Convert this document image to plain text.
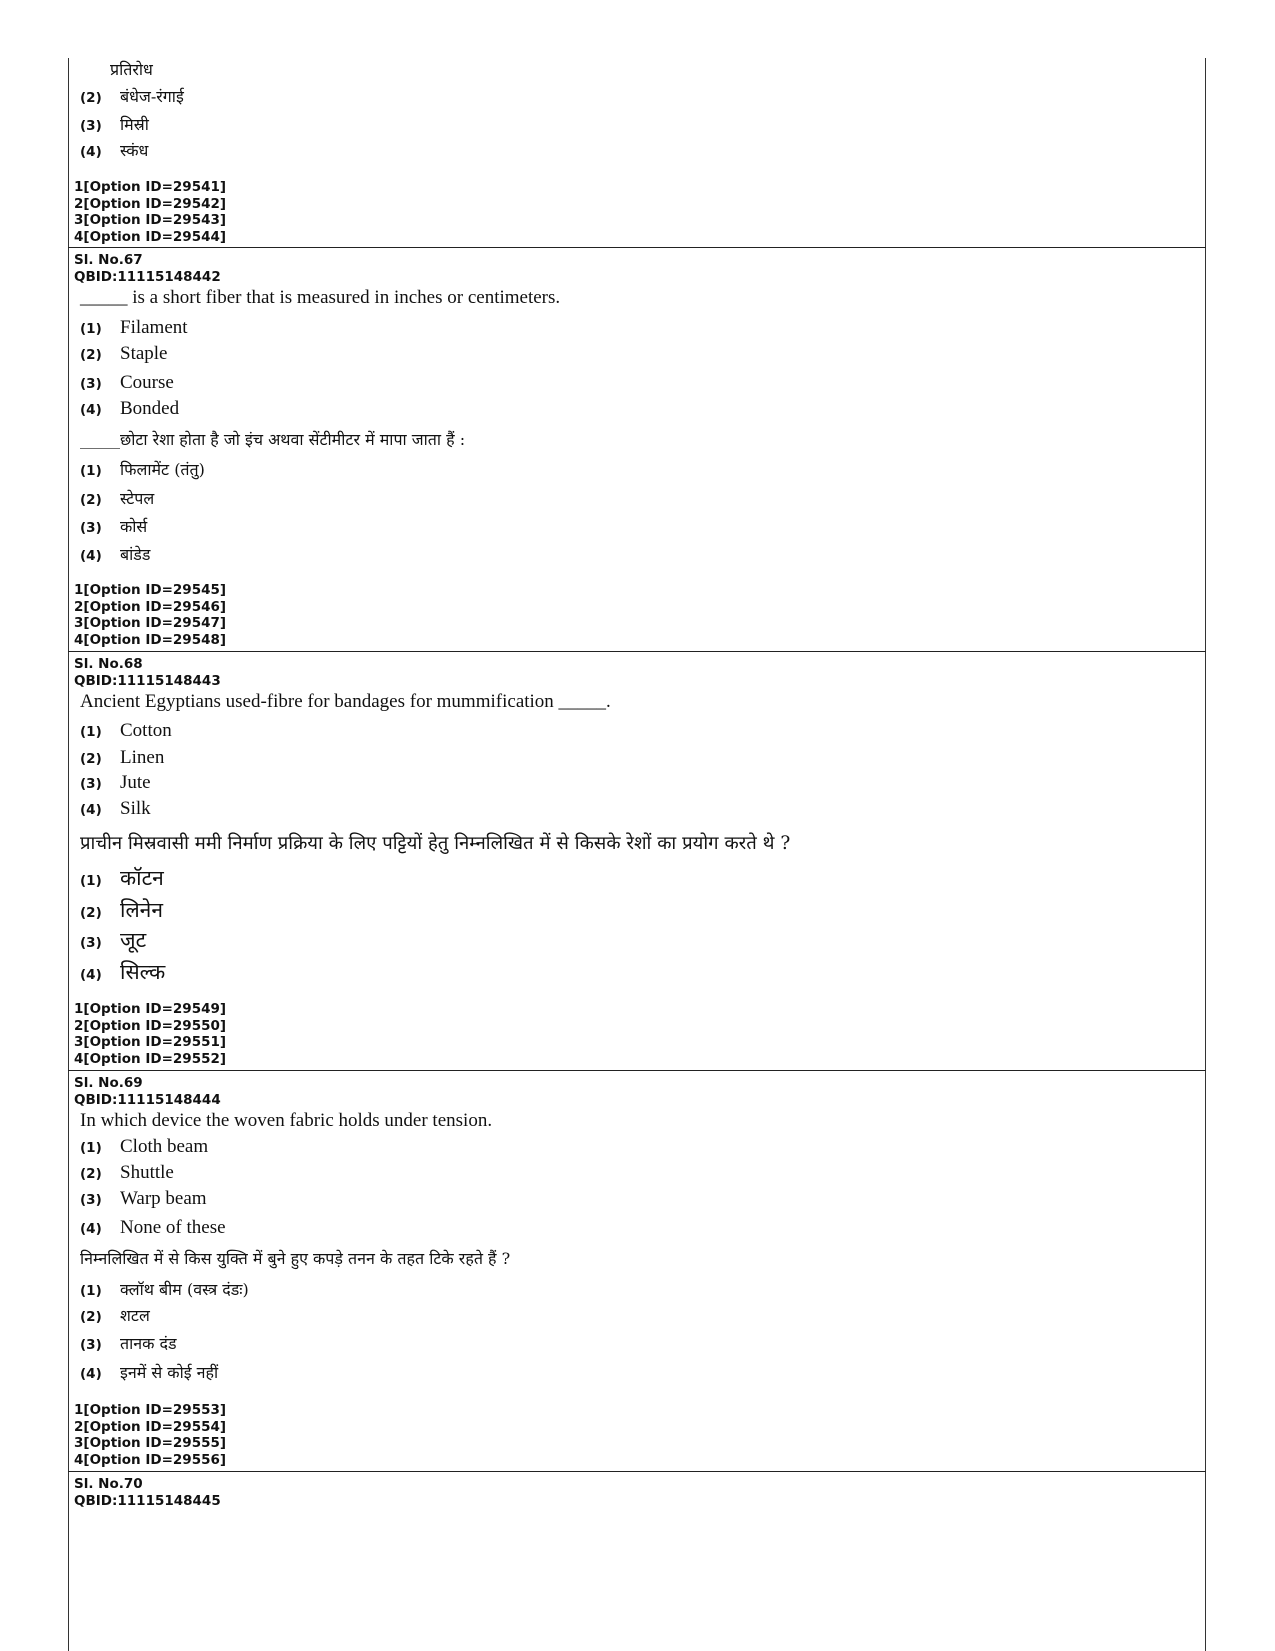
प्रतिरोध
(2)	बंधेज-रंगाई
(3)	मिस्री
(4)	स्कंध
1[Option ID=29541]
2[Option ID=29542]
3[Option ID=29543]
4[Option ID=29544]
Sl. No.67
QBID:11115148442
_____ is a short fiber that is measured in inches or centimeters.
(1) Filament
(2) Staple
(3) Course
(4) Bonded
_____छोटा रेशा होता है जो इंच अथवा सेंटीमीटर में मापा जाता हैं :
(1)	फिलामेंट (तंतु)
(2)	स्टेपल
(3)	कोर्स
(4)	बांडेड
1[Option ID=29545]
2[Option ID=29546]
3[Option ID=29547]
4[Option ID=29548]
Sl. No.68
QBID:11115148443
Ancient Egyptians used-fibre for bandages for mummification _____.
(1) Cotton
(2) Linen
(3) Jute
(4) Silk
प्राचीन मिस्रवासी ममी निर्माण प्रक्रिया के लिए पट्टियों हेतु निम्नलिखित में से किसके रेशों का प्रयोग करते थे ?
(1) कॉटन
(2) लिनेन
(3) जूट
(4) सिल्क
1[Option ID=29549]
2[Option ID=29550]
3[Option ID=29551]
4[Option ID=29552]
Sl. No.69
QBID:11115148444
In which device the woven fabric holds under tension.
(1) Cloth beam
(2) Shuttle
(3) Warp beam
(4) None of these
निम्नलिखित में से किस युक्ति में बुने हुए कपड़े तनन के तहत टिके रहते हैं ?
(1)	क्लॉथ बीम (वस्त्र दंडः)
(2)	शटल
(3)	तानक दंड
(4)	इनमें से कोई नहीं
1[Option ID=29553]
2[Option ID=29554]
3[Option ID=29555]
4[Option ID=29556]
Sl. No.70
QBID:11115148445
